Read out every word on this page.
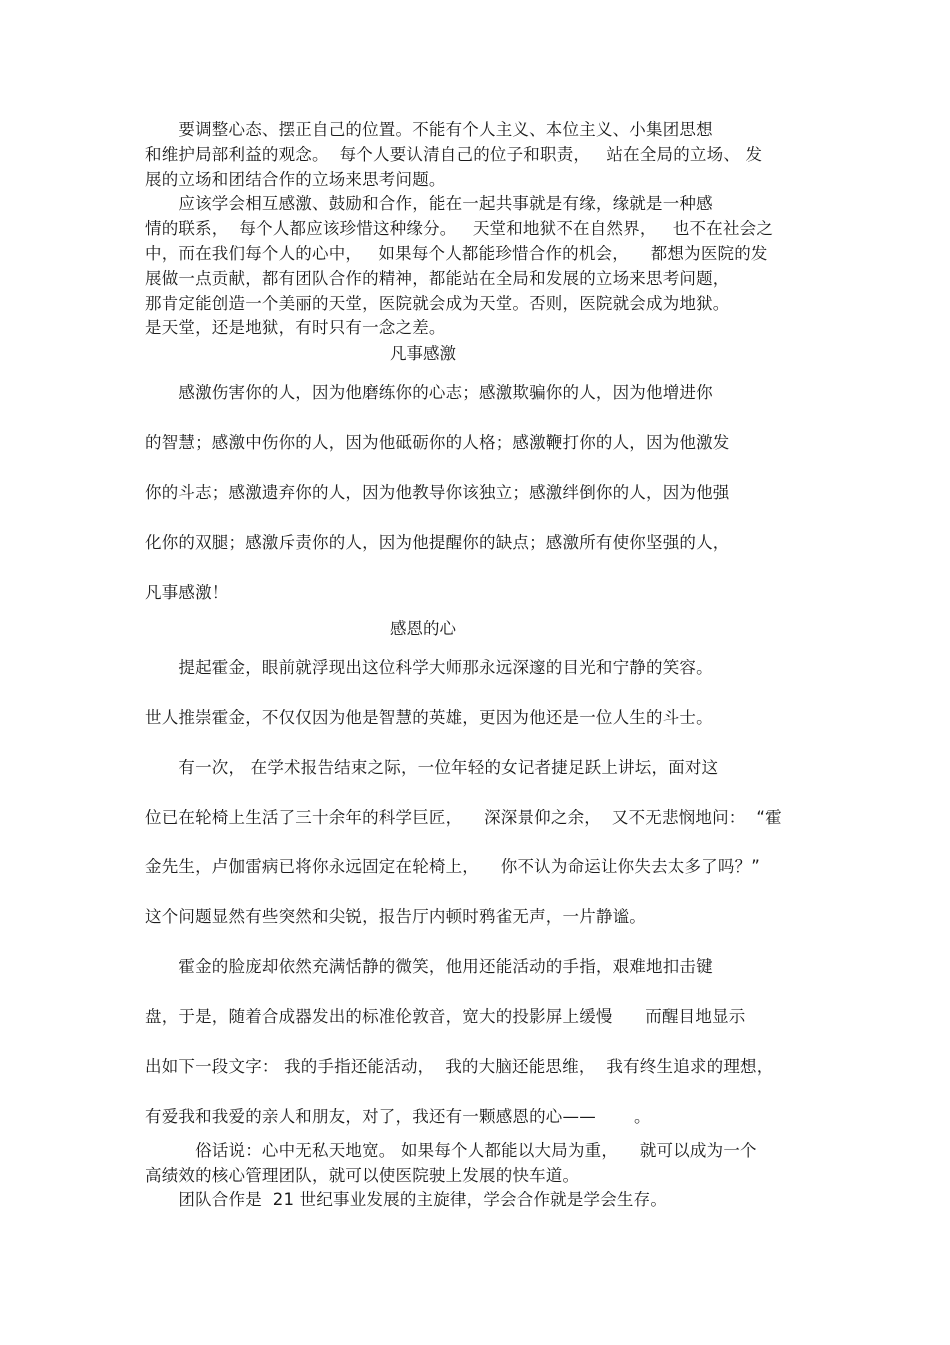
　　要调整心态、摆正自己的位置。不能有个人主义、本位主义、小集团思想
和维护局部利益的观念。  每个人要认清自己的位子和职责，   站在全局的立场、 发
展的立场和团结合作的立场来思考问题。
　　应该学会相互感激、鼓励和合作，能在一起共事就是有缘，缘就是一种感
情的联系，  每个人都应该珍惜这种缘分。   天堂和地狱不在自然界，   也不在社会之
中，而在我们每个人的心中，   如果每个人都能珍惜合作的机会，    都想为医院的发
展做一点贡献，都有团队合作的精神，都能站在全局和发展的立场来思考问题，
那肯定能创造一个美丽的天堂，医院就会成为天堂。否则，医院就会成为地狱。
是天堂，还是地狱，有时只有一念之差。
凡事感激
　　感激伤害你的人，因为他磨练你的心志；感激欺骗你的人，因为他增进你
的智慧；感激中伤你的人，因为他砥砺你的人格；感激鞭打你的人，因为他激发
你的斗志；感激遗弃你的人，因为他教导你该独立；感激绊倒你的人，因为他强
化你的双腿；感激斥责你的人，因为他提醒你的缺点；感激所有使你坚强的人，
凡事感激！
感恩的心
　　提起霍金，眼前就浮现出这位科学大师那永远深邃的目光和宁静的笑容。
世人推崇霍金，不仅仅因为他是智慧的英雄，更因为他还是一位人生的斗士。
　　有一次， 在学术报告结束之际，一位年轻的女记者捷足跃上讲坛，面对这
位已在轮椅上生活了三十余年的科学巨匠，    深深景仰之余，  又不无悲悯地问：  “霍
金先生，卢伽雷病已将你永远固定在轮椅上，    你不认为命运让你失去太多了吗？”
这个问题显然有些突然和尖锐，报告厅内顿时鸦雀无声，一片静谧。
　　霍金的脸庞却依然充满恬静的微笑，他用还能活动的手指，艰难地扣击键
盘，于是，随着合成器发出的标准伦敦音，宽大的投影屏上缓慢      而醒目地显示
出如下一段文字： 我的手指还能活动，  我的大脑还能思维，  我有终生追求的理想，
有爱我和我爱的亲人和朋友，对了，我还有一颗感恩的心——       。
　　　俗话说：心中无私天地宽。 如果每个人都能以大局为重，    就可以成为一个
高绩效的核心管理团队，就可以使医院驶上发展的快车道。
　　团队合作是  21 世纪事业发展的主旋律，学会合作就是学会生存。
